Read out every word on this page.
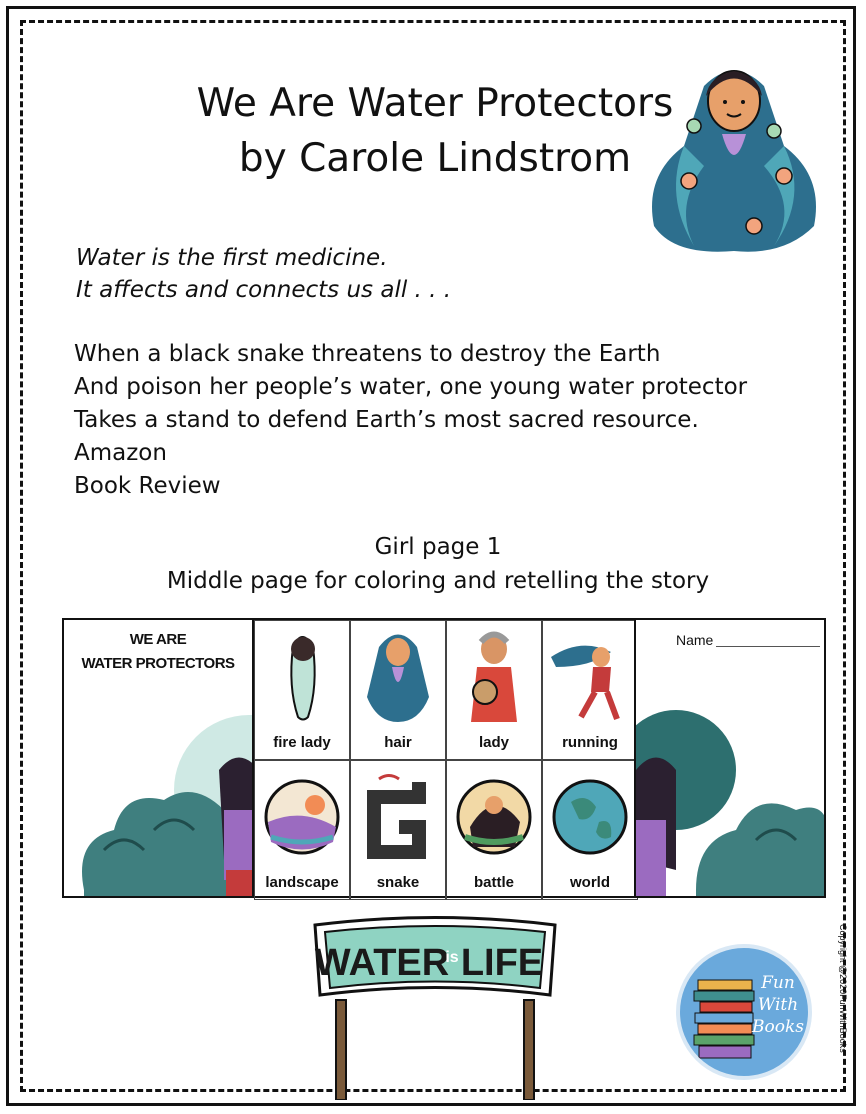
We Are Water Protectors
by Carole Lindstrom
Water is the first medicine.
It affects and connects us all . . .
When a black snake threatens to destroy the Earth
And poison her people’s water, one young water protector
Takes a stand to defend Earth’s most sacred resource. Amazon
Book Review
Girl page 1
Middle page for coloring and retelling the story
WE ARE
WATER PROTECTORS
fire lady	hair	lady	running
landscape	snake	battle	world
Name
WATER
is LIFE	Copyright @2020FunWithBooks
Fun
With
Books
